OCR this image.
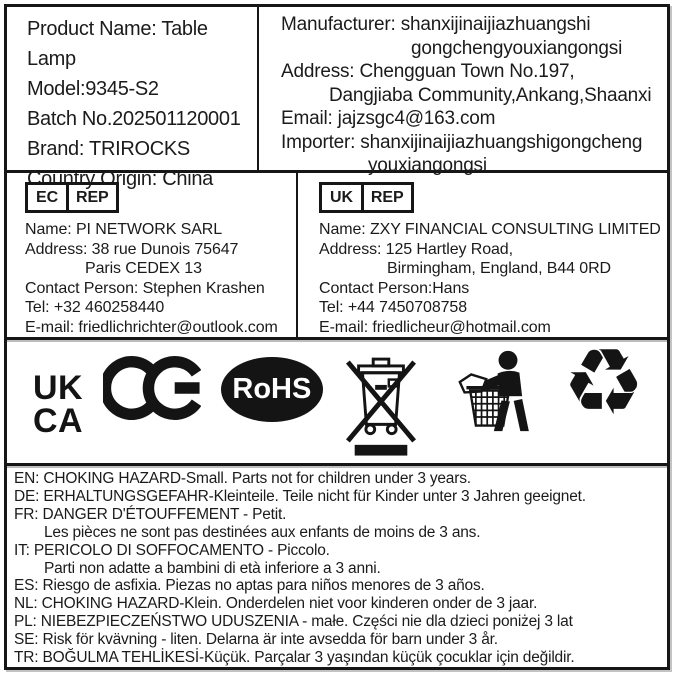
Product Name: Table Lamp
Model:9345-S2
Batch No.202501120001
Brand: TRIROCKS
Country Origin: China
Manufacturer: shanxijinaijiazhuangshi
gongchengyouxiangongsi
Address: Chengguan Town No.197,
Dangjiaba Community,Ankang,Shaanxi
Email: jajzsgc4@163.com
Importer: shanxijinaijiazhuangshigongcheng
youxiangongsi
EC	REP
Name: PI NETWORK SARL
Address: 38 rue Dunois 75647
Paris CEDEX 13
Contact Person: Stephen Krashen
Tel: +32 460258440
E-mail: friedlichrichter@outlook.com
UK	REP
Name: ZXY FINANCIAL CONSULTING LIMITED
Address: 125 Hartley Road,
Birmingham, England, B44 0RD
Contact Person:Hans
Tel: +44 7450708758
E-mail: friedlicheur@hotmail.com
UK
CA
RoHS	♻
EN: CHOKING HAZARD-Small. Parts not for children under 3 years.
DE: ERHALTUNGSGEFAHR-Kleinteile. Teile nicht für Kinder unter 3 Jahren geeignet.
FR: DANGER D'ÉTOUFFEMENT - Petit.
Les pièces ne sont pas destinées aux enfants de moins de 3 ans.
IT: PERICOLO DI SOFFOCAMENTO - Piccolo.
Parti non adatte a bambini di età inferiore a 3 anni.
ES: Riesgo de asfixia. Piezas no aptas para niños menores de 3 años.
NL: CHOKING HAZARD-Klein. Onderdelen niet voor kinderen onder de 3 jaar.
PL: NIEBEZPIECZEŃSTWO UDUSZENIA - małe. Części nie dla dzieci poniżej 3 lat
SE: Risk för kvävning - liten. Delarna är inte avsedda för barn under 3 år.
TR: BOĞULMA TEHLİKESİ-Küçük. Parçalar 3 yaşından küçük çocuklar için değildir.
